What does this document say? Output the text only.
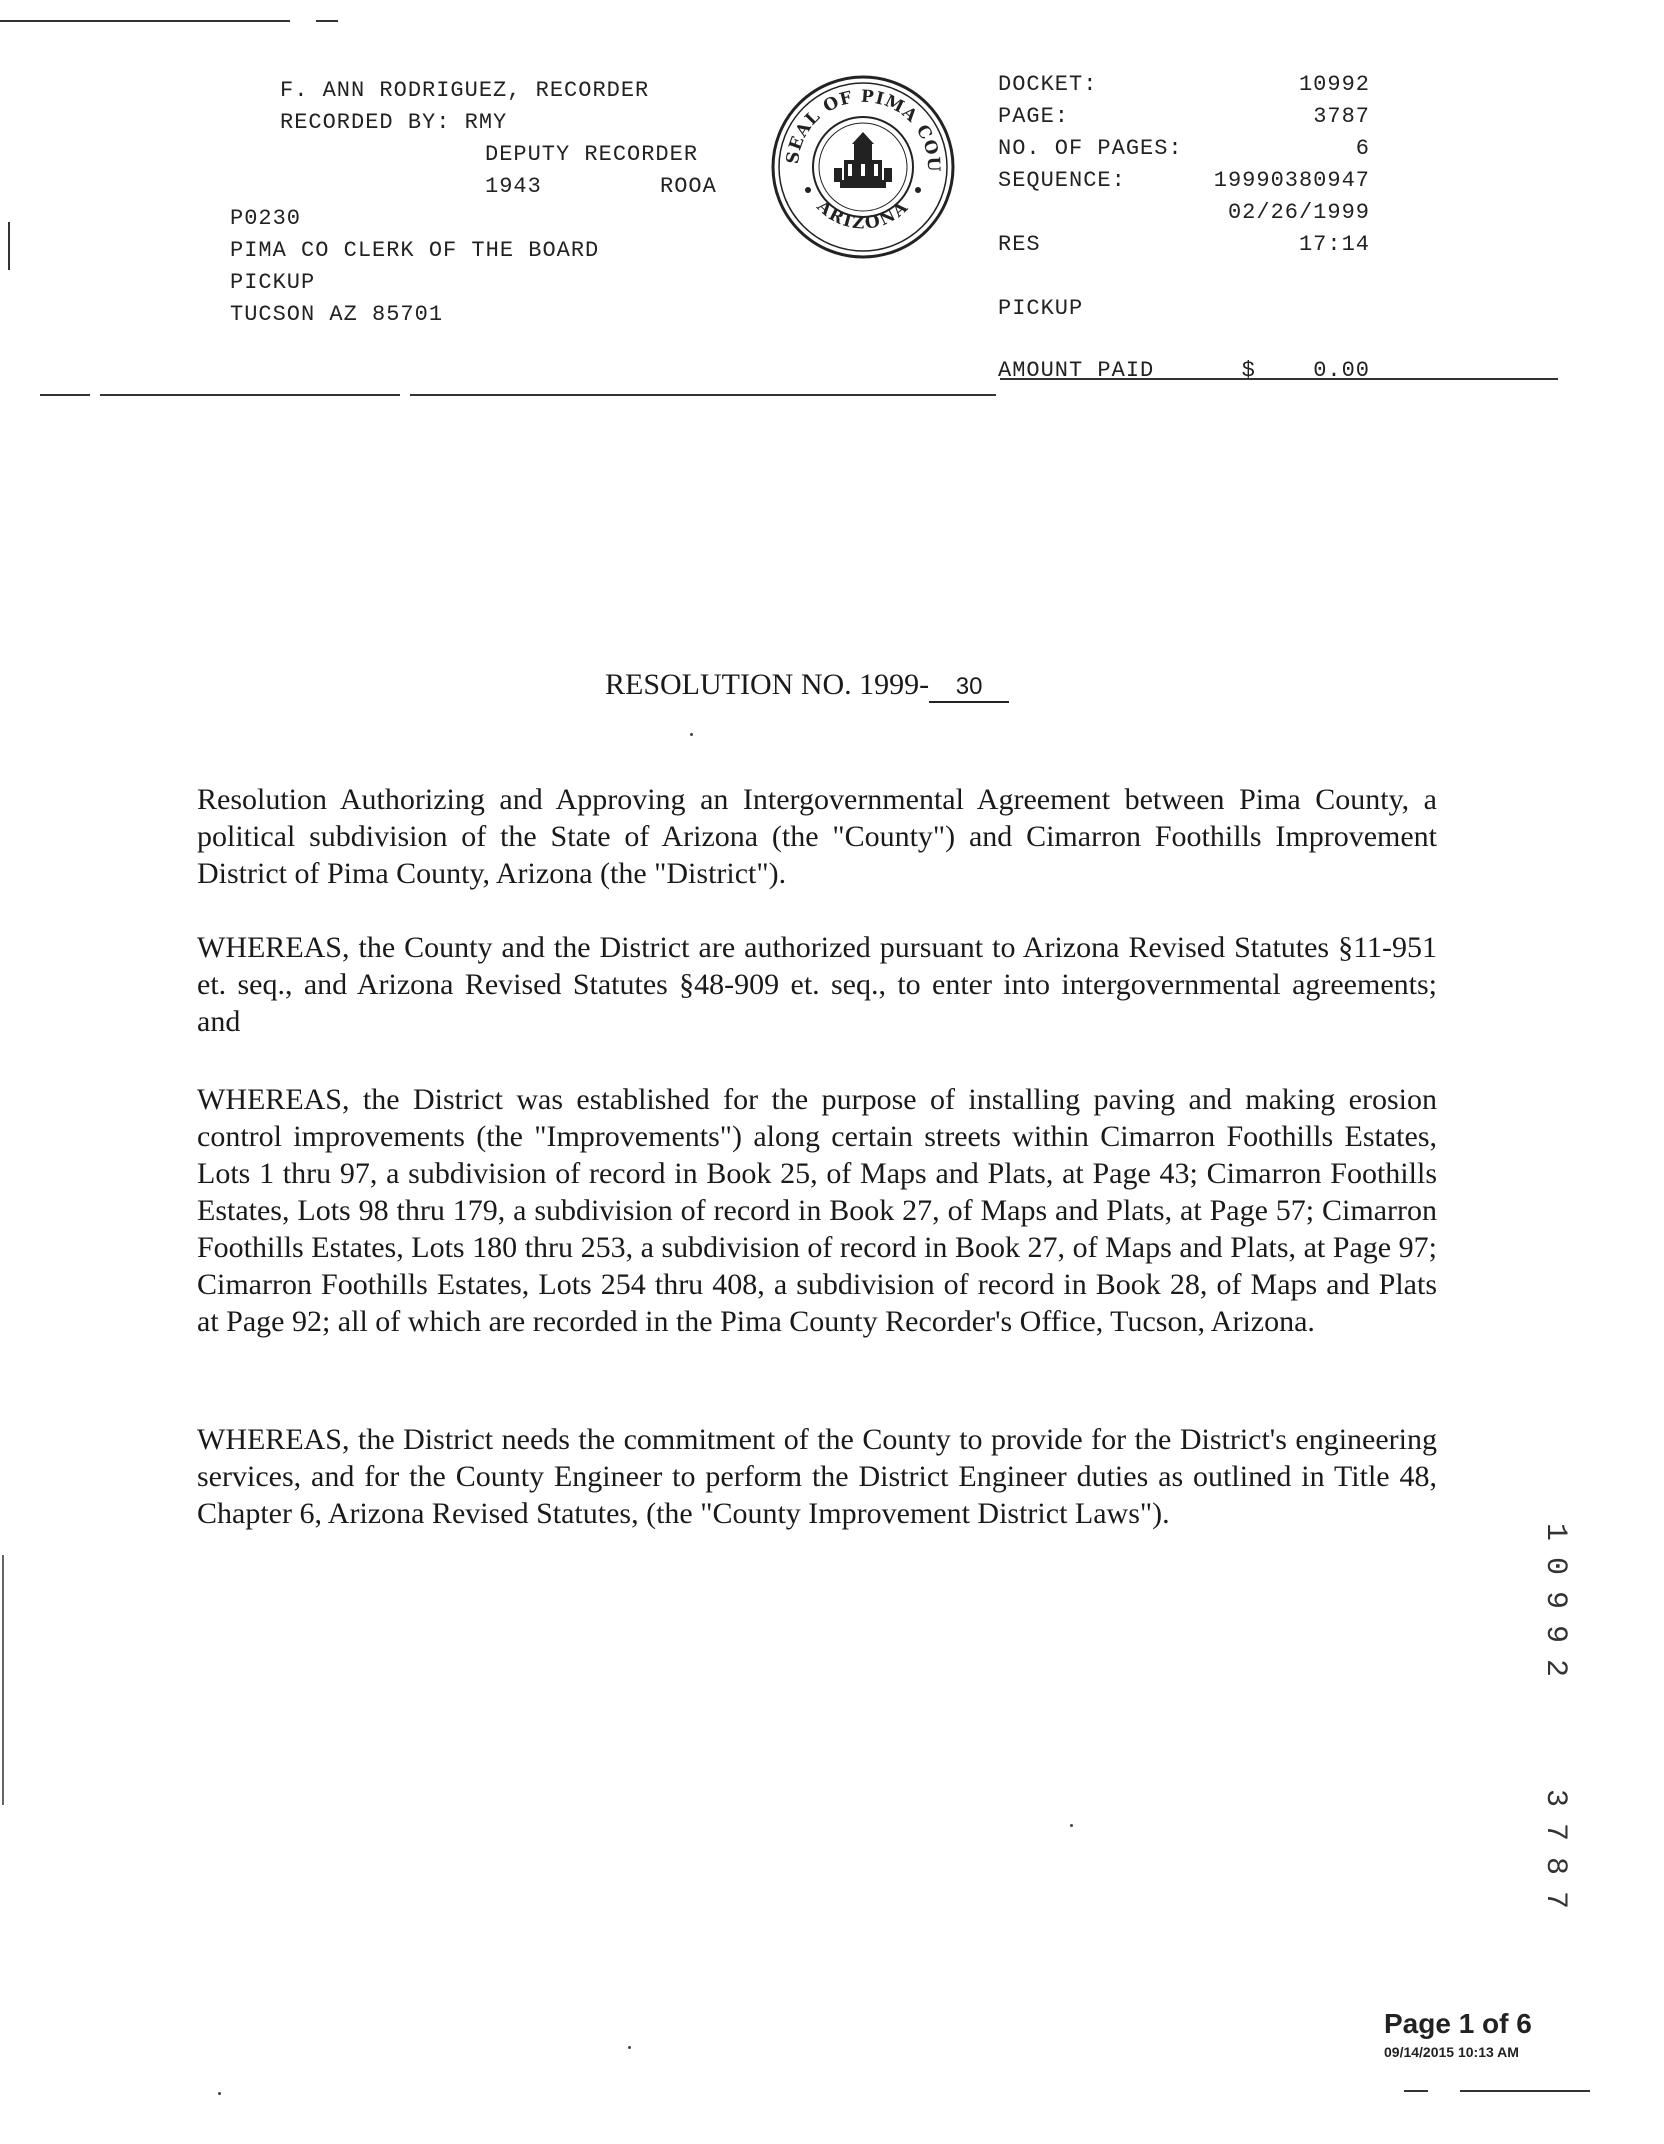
F. ANN RODRIGUEZ, RECORDER
RECORDED BY: RMY
DEPUTY RECORDER
1943	ROOA
P0230
PIMA CO CLERK OF THE BOARD
PICKUP
TUCSON AZ 85701
SEAL OF PIMA COU
ARIZONA
DOCKET:	10992
PAGE:	3787
NO. OF PAGES:	6
SEQUENCE:	19990380947
02/26/1999
RES	17:14
PICKUP
AMOUNT PAID	$	0.00
RESOLUTION NO. 1999- 30
Resolution Authorizing and Approving an Intergovernmental Agreement between Pima County, a political subdivision of the State of Arizona (the "County") and Cimarron Foothills Improvement District of Pima County, Arizona (the "District").
WHEREAS, the County and the District are authorized pursuant to Arizona Revised Statutes §11-951 et. seq., and Arizona Revised Statutes §48-909 et. seq., to enter into intergovernmental agreements; and
WHEREAS, the District was established for the purpose of installing paving and making erosion control improvements (the "Improvements") along certain streets within Cimarron Foothills Estates, Lots 1 thru 97, a subdivision of record in Book 25, of Maps and Plats, at Page 43; Cimarron Foothills Estates, Lots 98 thru 179, a subdivision of record in Book 27, of Maps and Plats, at Page 57; Cimarron Foothills Estates, Lots 180 thru 253, a subdivision of record in Book 27, of Maps and Plats, at Page 97; Cimarron Foothills Estates, Lots 254 thru 408, a subdivision of record in Book 28, of Maps and Plats at Page 92; all of which are recorded in the Pima County Recorder's Office, Tucson, Arizona.
WHEREAS, the District needs the commitment of the County to provide for the District's engineering services, and for the County Engineer to perform the District Engineer duties as outlined in Title 48, Chapter 6, Arizona Revised Statutes, (the "County Improvement District Laws").
1
0
9
9
2
3
7
8
7
Page 1 of 6
09/14/2015 10:13 AM
